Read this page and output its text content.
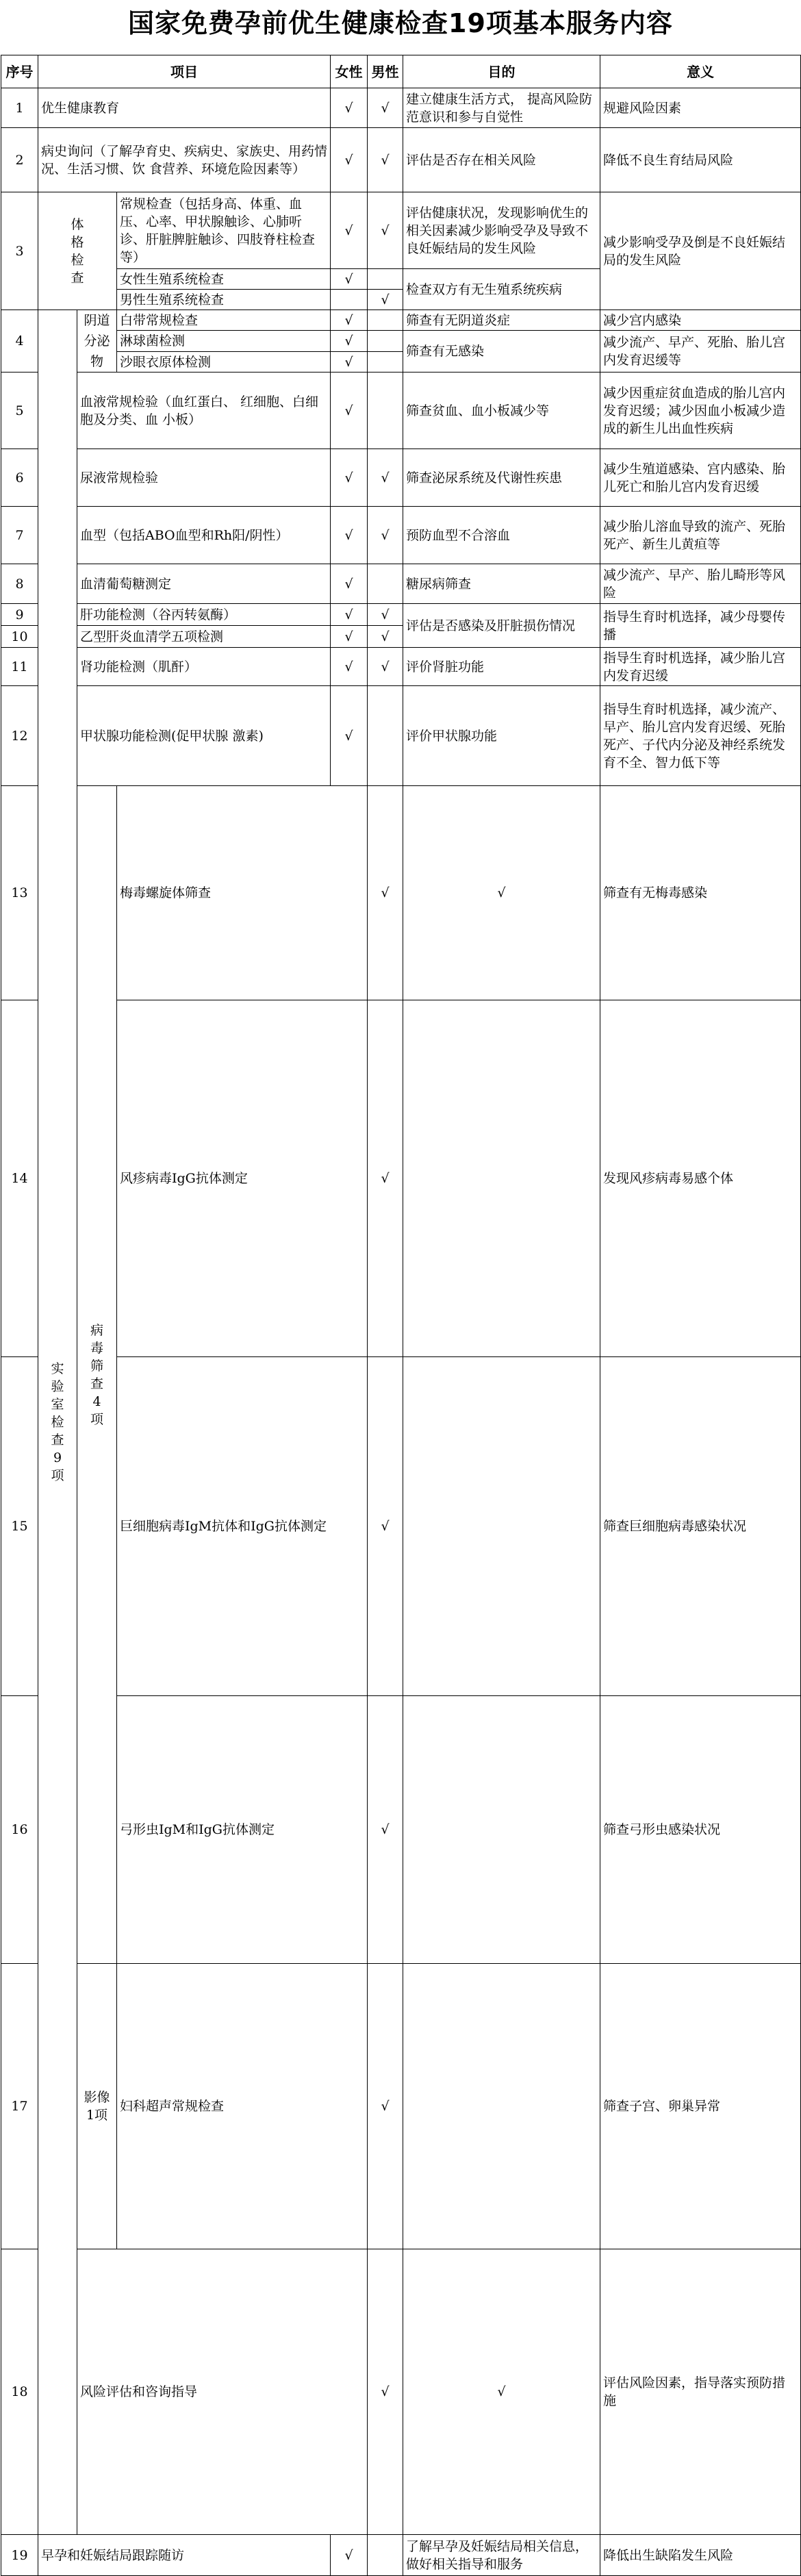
国家免费孕前优生健康检查19项基本服务内容
序号	项目			女性	男性	目的	意义	
1	优生健康教育			√	√	建立健康生活方式， 提高风险防范意识和参与自觉性	规避风险因素	
2	病史询问（了解孕育史、疾病史、家族史、用药情况、生活习惯、饮 食营养、环境危险因素等）			√	√	评估是否存在相关风险	降低不良生育结局风险	
3	体格检查		常规检查（包括身高、体重、血压、心率、甲状腺触诊、心肺听诊、肝脏脾脏触诊、四肢脊柱检查等）	√	√	评估健康状况，发现影响优生的相关因素减少影响受孕及导致不良妊娠结局的发生风险	减少影响受孕及倒是不良妊娠结局的发生风险	
			女性生殖系统检查	√		检查双方有无生殖系统疾病		
			男性生殖系统检查		√			
4	实验室检查9项	阴道分泌物	白带常规检查	√		筛查有无阴道炎症	减少宫内感染	
			淋球菌检测	√		筛查有无感染	减少流产、早产、死胎、胎儿宫内发育迟缓等	
			沙眼衣原体检测	√				
5		血液常规检验（血红蛋白、 红细胞、白细胞及分类、血 小板）		√		筛查贫血、血小板减少等	减少因重症贫血造成的胎儿宫内发育迟缓；减少因血小板减少造成的新生儿出血性疾病	
6		尿液常规检验		√	√	筛查泌尿系统及代谢性疾患	减少生殖道感染、宫内感染、胎儿死亡和胎儿宫内发育迟缓	
7		血型（包括ABO血型和Rh阳/阴性）		√	√	预防血型不合溶血	减少胎儿溶血导致的流产、死胎死产、新生儿黄疸等	
8		血清葡萄糖测定		√		糖尿病筛查	减少流产、早产、胎儿畸形等风险	
9		肝功能检测（谷丙转氨酶）		√	√	评估是否感染及肝脏损伤情况	指导生育时机选择，减少母婴传播	
10		乙型肝炎血清学五项检测		√	√			
11		肾功能检测（肌酐）		√	√	评价肾脏功能	指导生育时机选择，减少胎儿宫内发育迟缓	
12		甲状腺功能检测(促甲状腺 激素)		√		评价甲状腺功能	指导生育时机选择，减少流产、早产、胎儿宫内发育迟缓、死胎死产、子代内分泌及神经系统发育不全、智力低下等	
13		病毒筛查4项	梅毒螺旋体筛查		√	√	筛查有无梅毒感染	
14			风疹病毒IgG抗体测定		√		发现风疹病毒易感个体	
15			巨细胞病毒IgM抗体和IgG抗体测定		√		筛查巨细胞病毒感染状况	
16			弓形虫IgM和IgG抗体测定		√		筛查弓形虫感染状况	
17		影像1项	妇科超声常规检查		√		筛查子宫、卵巢异常	
18		风险评估和咨询指导			√	√	评估风险因素，指导落实预防措施	
19	早孕和妊娠结局跟踪随访			√		了解早孕及妊娠结局相关信息，做好相关指导和服务	降低出生缺陷发生风险	
